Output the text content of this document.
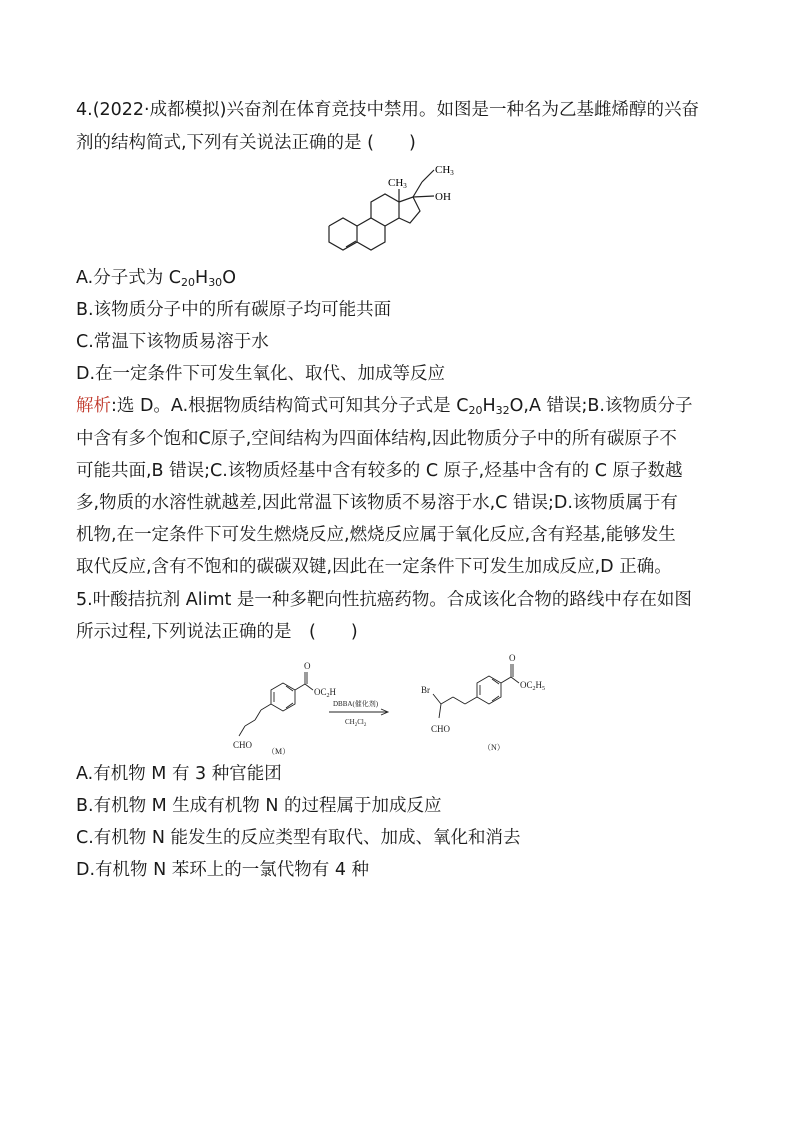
4.(2022·成都模拟)兴奋剂在体育竞技中禁用。如图是一种名为乙基雌烯醇的兴奋
剂的结构简式,下列有关说法正确的是 (　　)
CH3
OH
CH3
A.分子式为 $C_{20}H_{30}O$
B.该物质分子中的所有碳原子均可能共面
C.常温下该物质易溶于水
D.在一定条件下可发生氧化、取代、加成等反应
解析:选 D。A.根据物质结构简式可知其分子式是 $C_{20}H_{32}O,A$ 错误;B.该物质分子
中含有多个饱和C原子,空间结构为四面体结构,因此物质分子中的所有碳原子不
可能共面,B 错误;C.该物质烃基中含有较多的 C 原子,烃基中含有的 C 原子数越
多,物质的水溶性就越差,因此常温下该物质不易溶于水,C 错误;D.该物质属于有
机物,在一定条件下可发生燃烧反应,燃烧反应属于氧化反应,含有羟基,能够发生
取代反应,含有不饱和的碳碳双键,因此在一定条件下可发生加成反应,D 正确。
5.叶酸拮抗剂 Alimt 是一种多靶向性抗癌药物。合成该化合物的路线中存在如图
所示过程,下列说法正确的是　(　　)
O
$OC_2H$
CHO
（M）
DBBA(催化剂)
$CH_2Cl_2$
O
Br	$OC_2H_5$
CHO
（N）
A.有机物 M 有 3 种官能团
B.有机物 M 生成有机物 N 的过程属于加成反应
C.有机物 N 能发生的反应类型有取代、加成、氧化和消去
D.有机物 N 苯环上的一氯代物有 4 种
